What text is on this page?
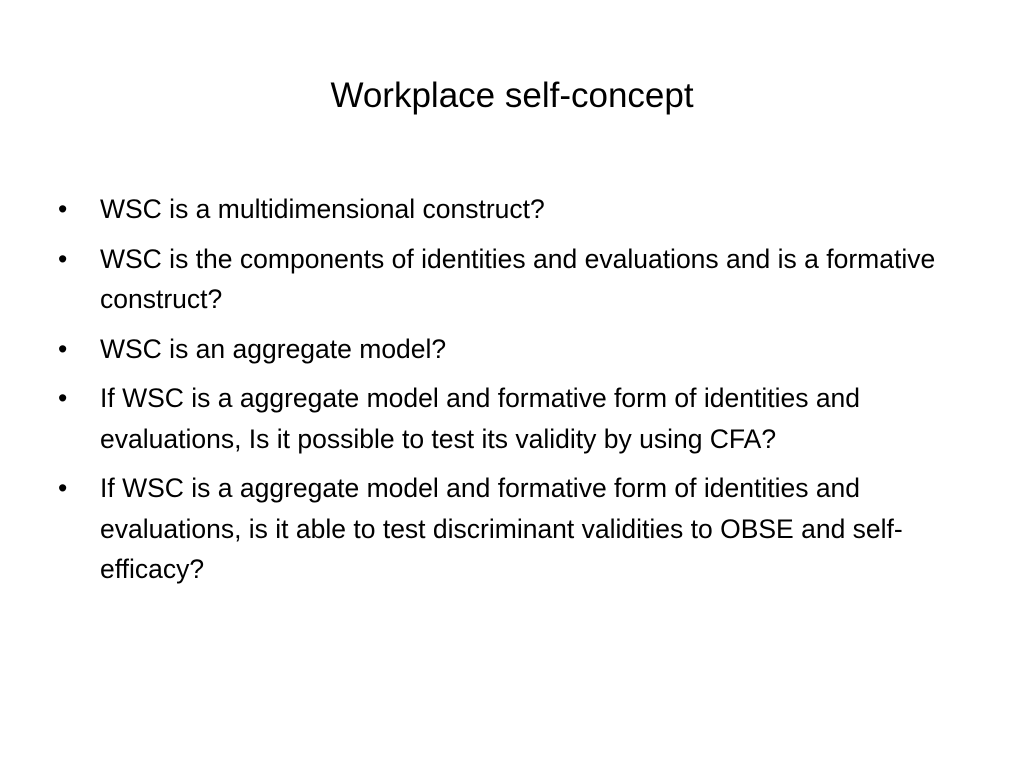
Workplace self-concept
• WSC is a multidimensional construct?
• WSC is the components of identities and evaluations and is a formative construct?
• WSC is an aggregate model?
• If WSC is a aggregate model and formative form of identities and evaluations, Is it possible to test its validity by using CFA?
• If WSC is a aggregate model and formative form of identities and evaluations, is it able to test discriminant validities to OBSE and self-efficacy?
